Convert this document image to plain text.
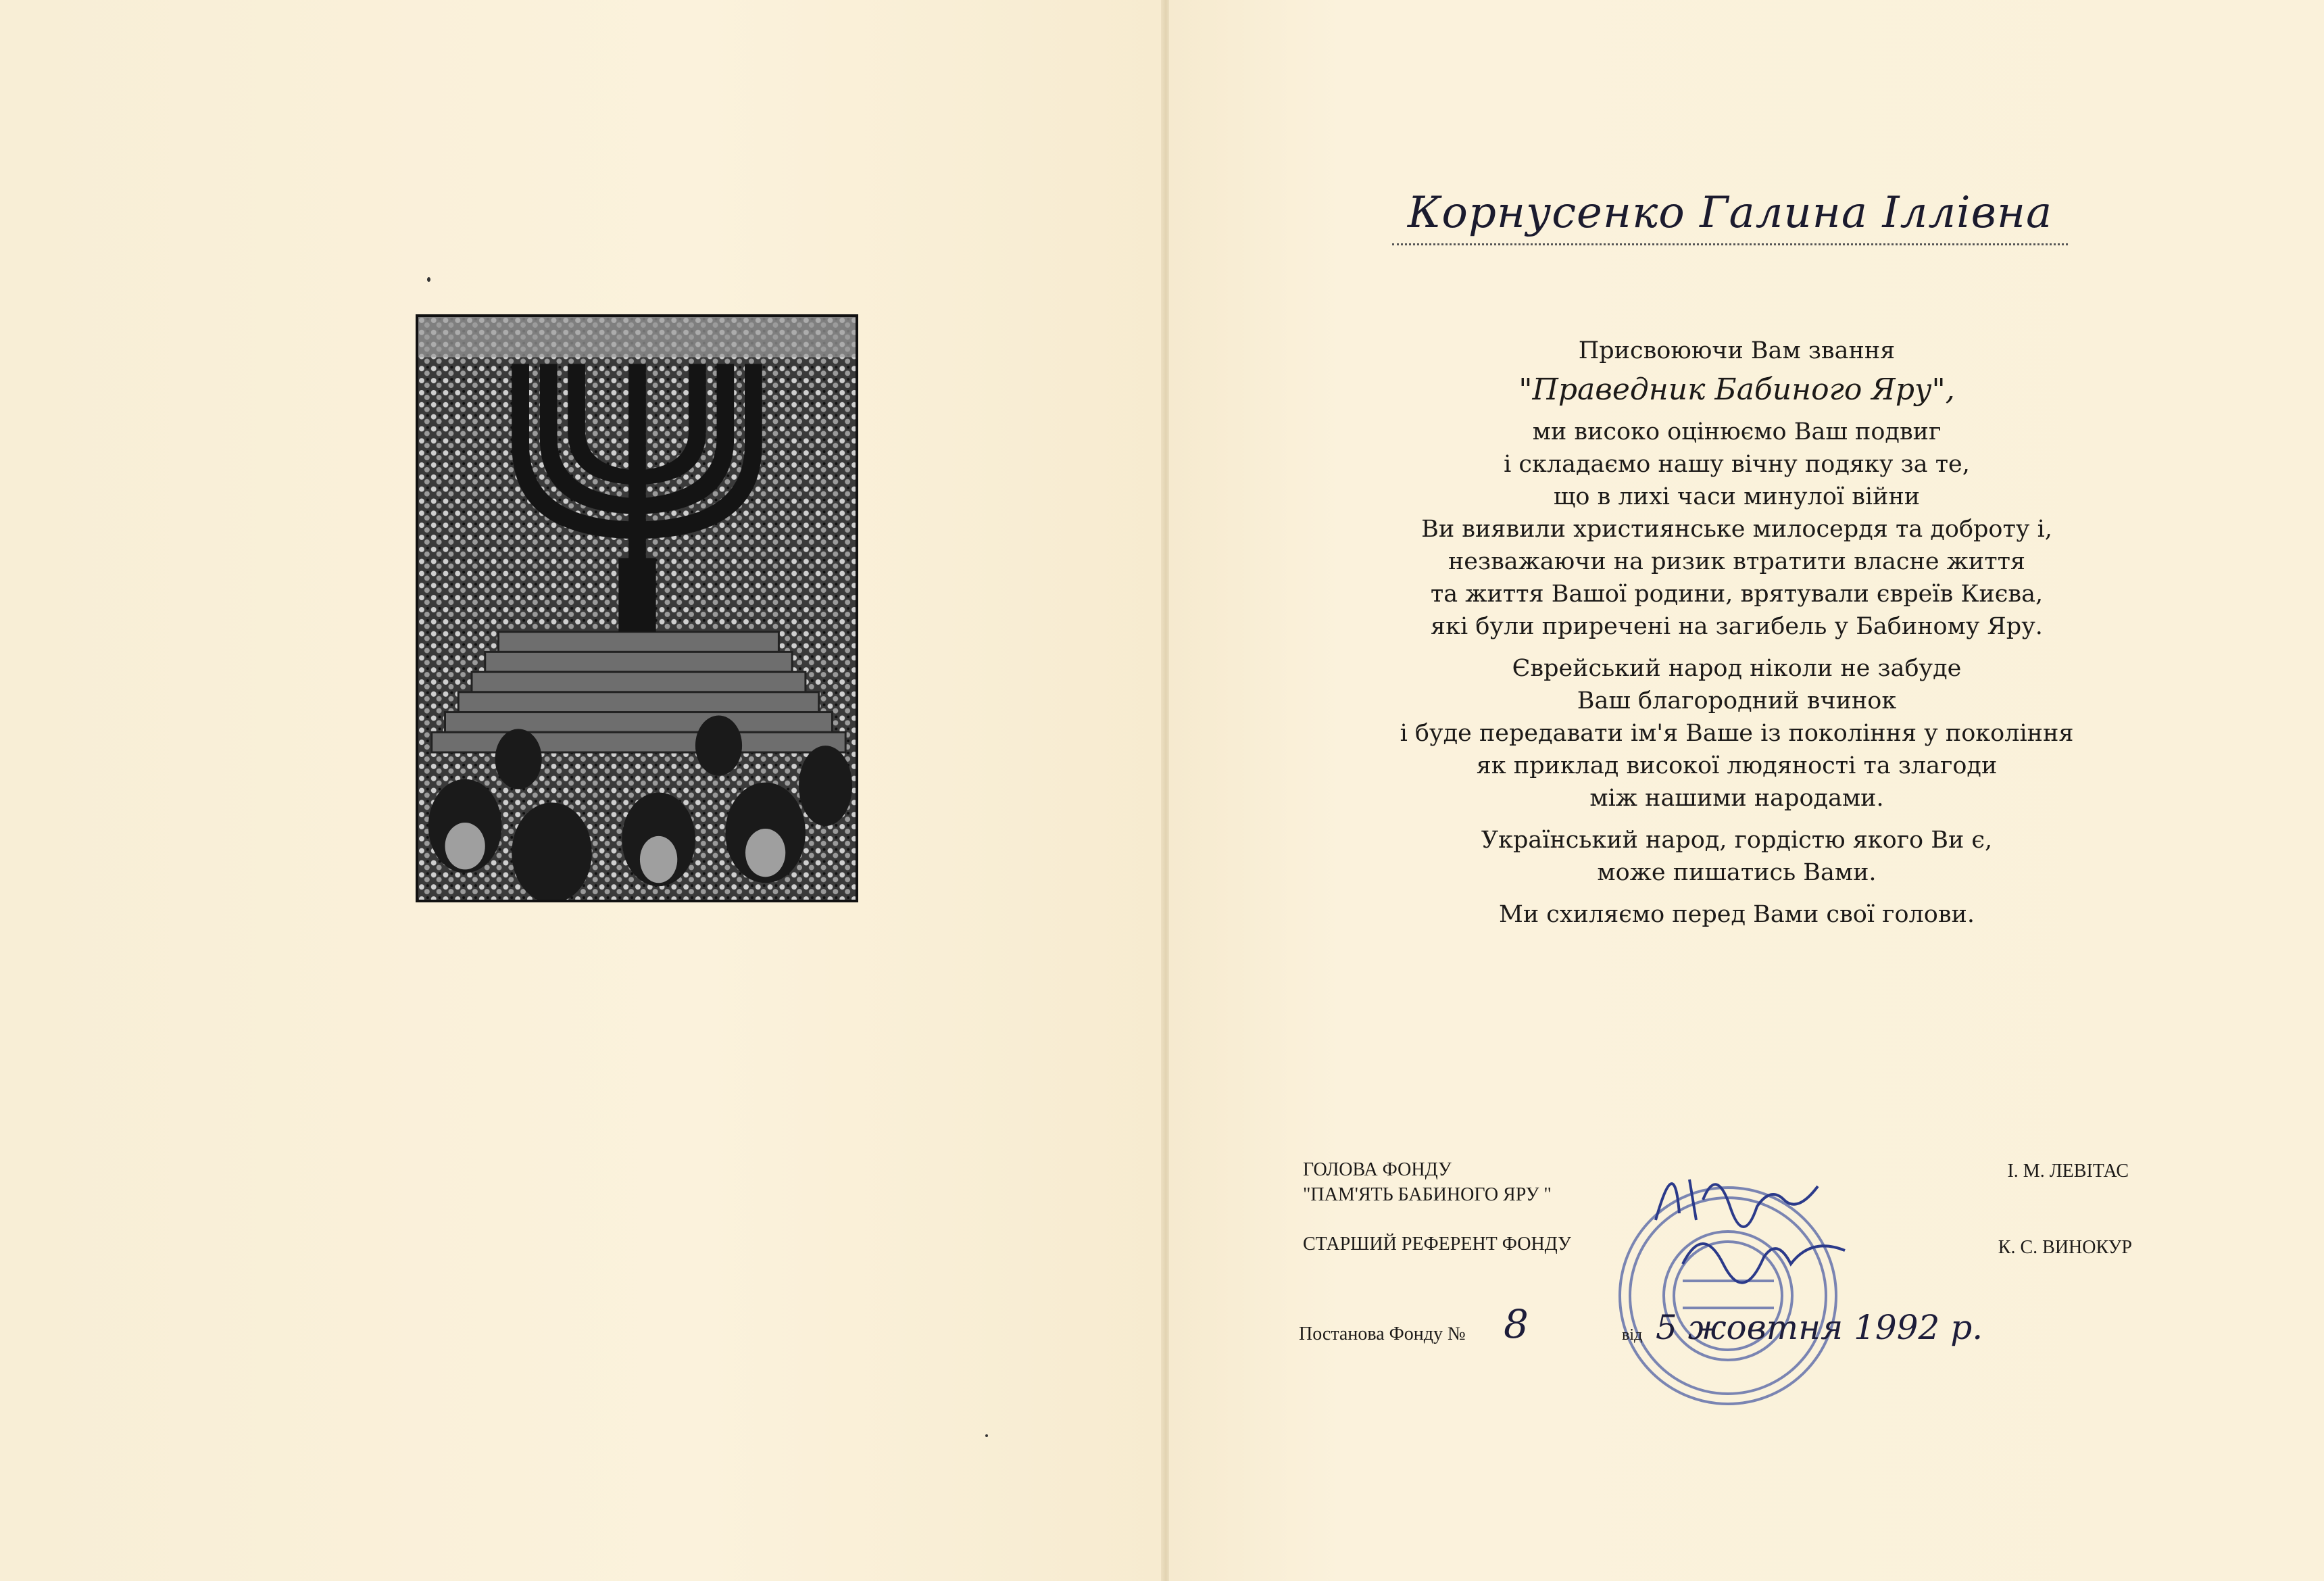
Корнусенко Галина Іллівна
Присвоюючи Вам звання
"Праведник Бабиного Яру",
ми високо оцінюємо Ваш подвиг
і складаємо нашу вічну подяку за те,
що в лихі часи минулої війни
Ви виявили християнське милосердя та доброту і,
незважаючи на ризик втратити власне життя
та життя Вашої родини, врятували євреїв Києва,
які були приречені на загибель у Бабиному Яру.
Єврейський народ ніколи не забуде
Ваш благородний вчинок
і буде передавати ім'я Ваше із покоління у покоління
як приклад високої людяності та злагоди
між нашими народами.
Український народ, гордістю якого Ви є,
може пишатись Вами.
Ми схиляємо перед Вами свої голови.
ГОЛОВА ФОНДУ
"ПАМ'ЯТЬ БАБИНОГО ЯРУ "
І. М. ЛЕВІТАС
СТАРШИЙ РЕФЕРЕНТ ФОНДУ	К. С. ВИНОКУР
Постанова Фонду № 8	від 5 жовтня 1992 р.
